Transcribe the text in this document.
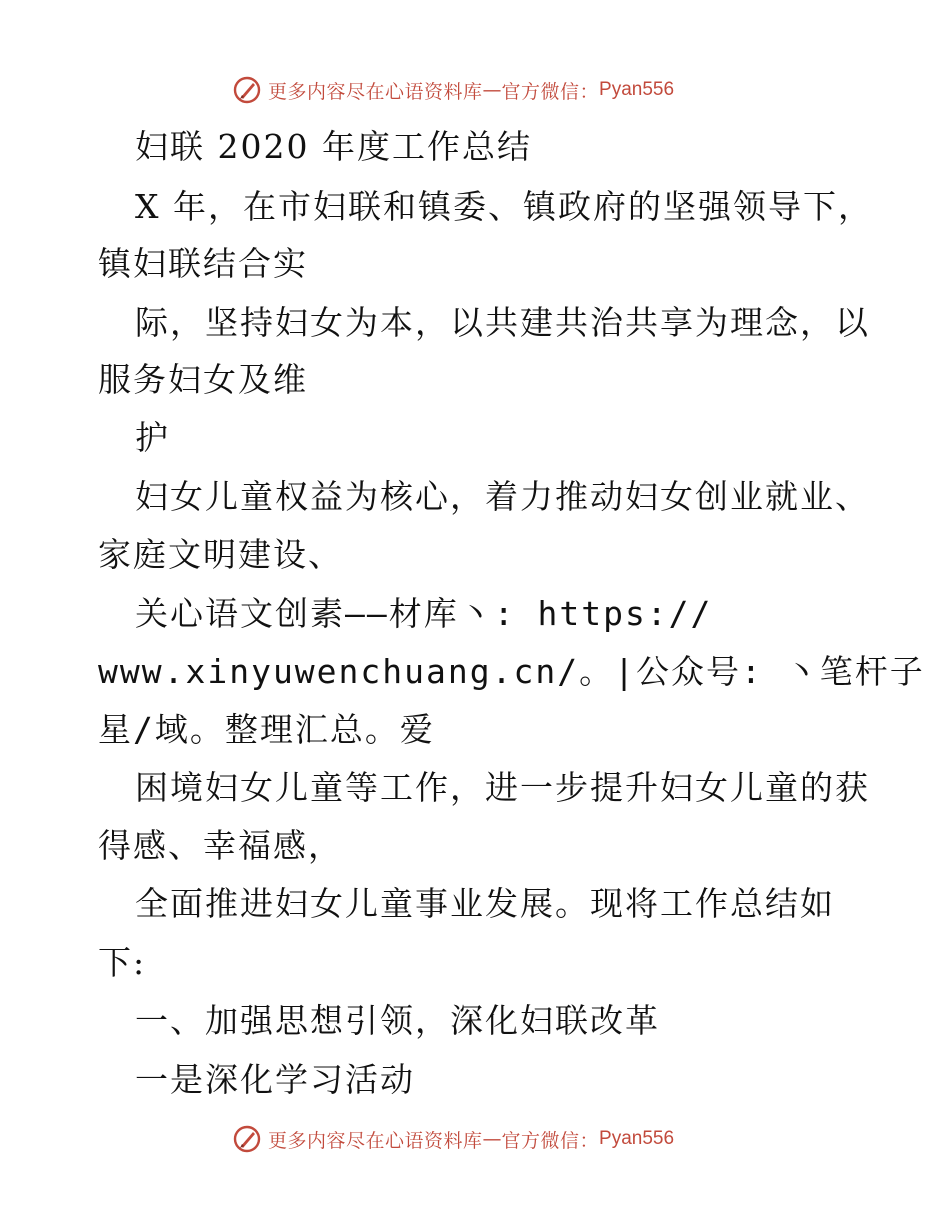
更多内容尽在心语资料库 — 官方微信： Pyan556
妇联 2020 年度工作总结
X 年，在市妇联和镇委、镇政府的坚强领导下，
镇妇联结合实
际，坚持妇女为本，以共建共治共享为理念，以
服务妇女及维
护
妇女儿童权益为核心，着力推动妇女创业就业、
家庭文明建设、
关心语文创素——材库丶: https://
www.xinyuwenchuang.cn/。|公众号: 丶笔杆子
星/域。整理汇总。爱
困境妇女儿童等工作，进一步提升妇女儿童的获
得感、幸福感，
全面推进妇女儿童事业发展。现将工作总结如
下:
一、加强思想引领，深化妇联改革
一是深化学习活动
更多内容尽在心语资料库 — 官方微信： Pyan556
